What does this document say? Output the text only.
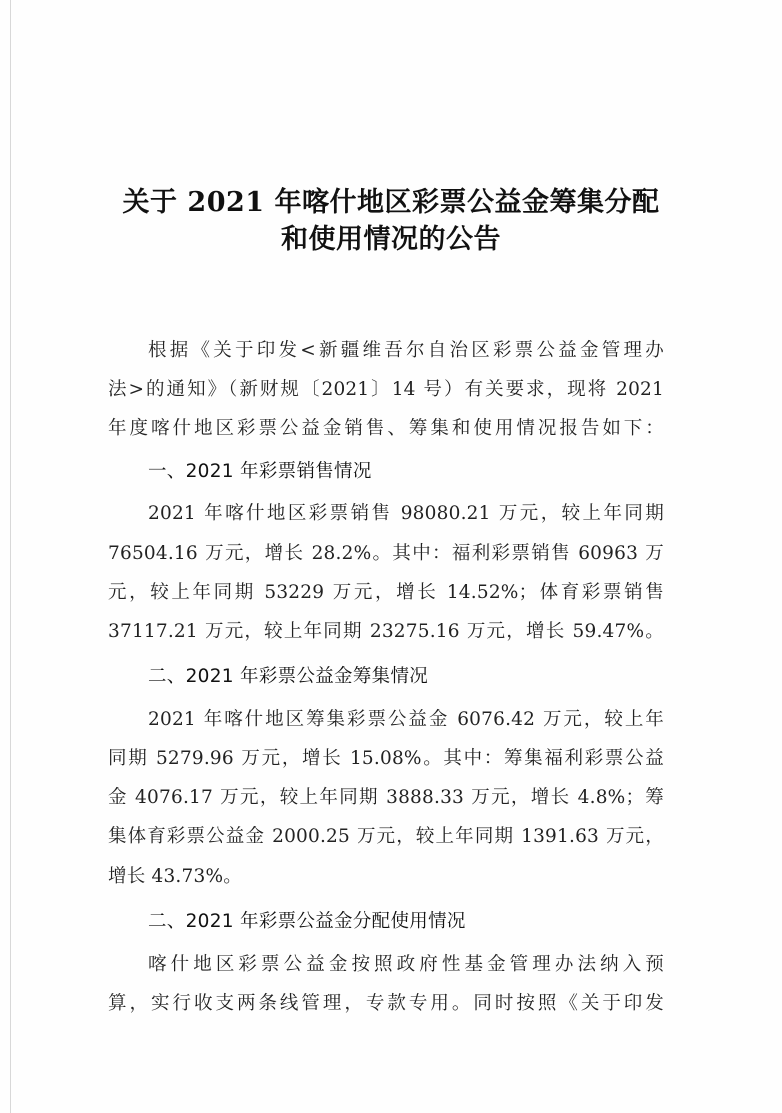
关于 2021 年喀什地区彩票公益金筹集分配
和使用情况的公告
根据《关于印发<新疆维吾尔自治区彩票公益金管理办
法>的通知》（新财规〔2021〕14 号）有关要求，现将 2021
年度喀什地区彩票公益金销售、筹集和使用情况报告如下：
一、2021 年彩票销售情况
2021 年喀什地区彩票销售 98080.21 万元，较上年同期
76504.16 万元，增长 28.2%。其中：福利彩票销售 60963 万
元，较上年同期 53229 万元，增长 14.52%；体育彩票销售
37117.21 万元，较上年同期 23275.16 万元，增长 59.47%。
二、2021 年彩票公益金筹集情况
2021 年喀什地区筹集彩票公益金 6076.42 万元，较上年
同期 5279.96 万元，增长 15.08%。其中：筹集福利彩票公益
金 4076.17 万元，较上年同期 3888.33 万元，增长 4.8%；筹
集体育彩票公益金 2000.25 万元，较上年同期 1391.63 万元，
增长 43.73%。
二、2021 年彩票公益金分配使用情况
喀什地区彩票公益金按照政府性基金管理办法纳入预
算，实行收支两条线管理，专款专用。同时按照《关于印发
